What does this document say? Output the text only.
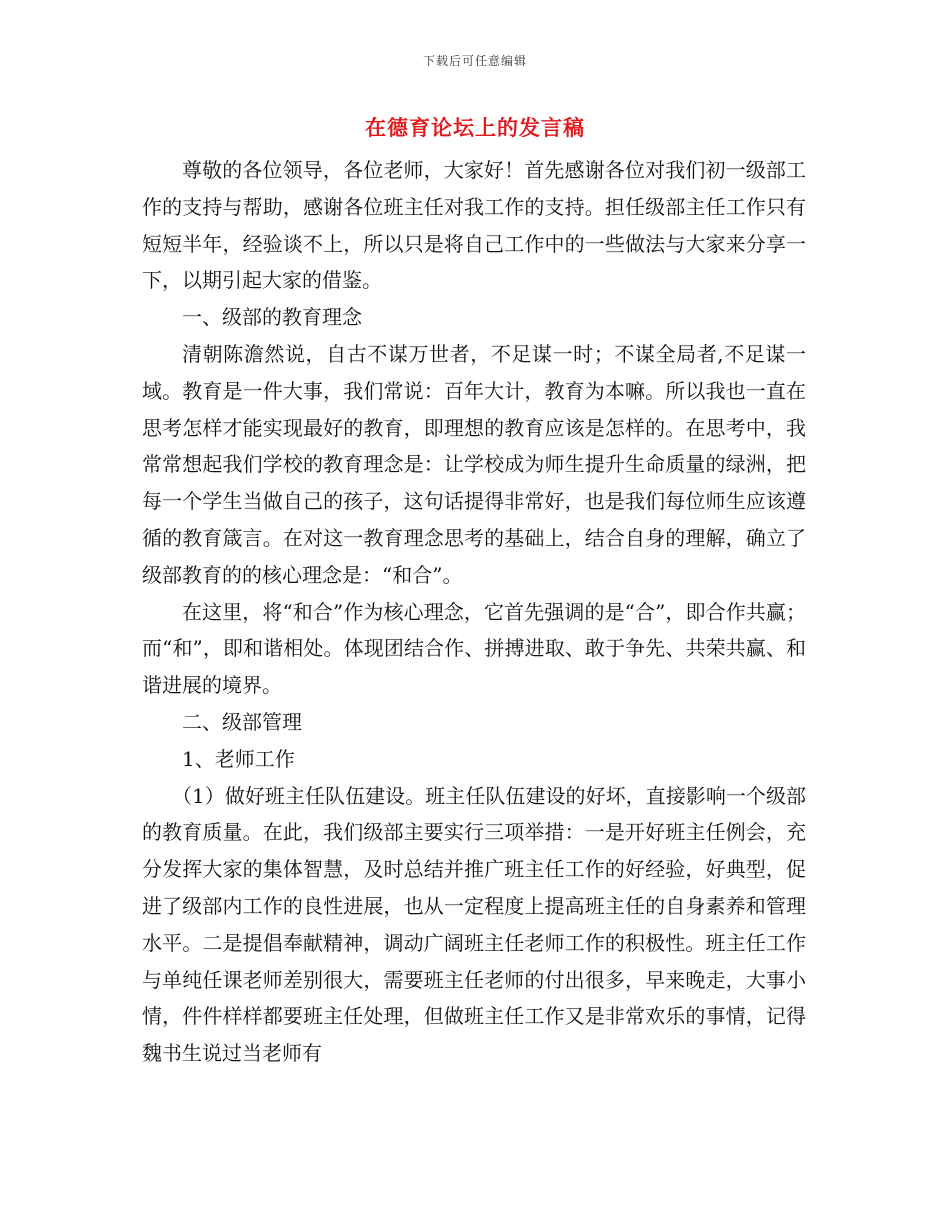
下载后可任意编辑
在德育论坛上的发言稿

尊敬的各位领导，各位老师，大家好！首先感谢各位对我们初一级部工作的支持与帮助，感谢各位班主任对我工作的支持。担任级部主任工作只有短短半年，经验谈不上，所以只是将自己工作中的一些做法与大家来分享一下，以期引起大家的借鉴。

一、级部的教育理念

清朝陈澹然说，自古不谋万世者，不足谋一时；不谋全局者,不足谋一域。教育是一件大事，我们常说：百年大计，教育为本嘛。所以我也一直在思考怎样才能实现最好的教育，即理想的教育应该是怎样的。在思考中，我常常想起我们学校的教育理念是：让学校成为师生提升生命质量的绿洲，把每一个学生当做自己的孩子，这句话提得非常好，也是我们每位师生应该遵循的教育箴言。在对这一教育理念思考的基础上，结合自身的理解，确立了级部教育的的核心理念是：“和合”。

在这里，将“和合”作为核心理念，它首先强调的是“合”，即合作共赢；而“和”，即和谐相处。体现团结合作、拼搏进取、敢于争先、共荣共赢、和谐进展的境界。

二、级部管理

1、老师工作

（1）做好班主任队伍建设。班主任队伍建设的好坏，直接影响一个级部的教育质量。在此，我们级部主要实行三项举措：一是开好班主任例会，充分发挥大家的集体智慧，及时总结并推广班主任工作的好经验，好典型，促进了级部内工作的良性进展，也从一定程度上提高班主任的自身素养和管理水平。二是提倡奉献精神，调动广阔班主任老师工作的积极性。班主任工作与单纯任课老师差别很大，需要班主任老师的付出很多，早来晚走，大事小情，件件样样都要班主任处理，但做班主任工作又是非常欢乐的事情，记得魏书生说过当老师有
